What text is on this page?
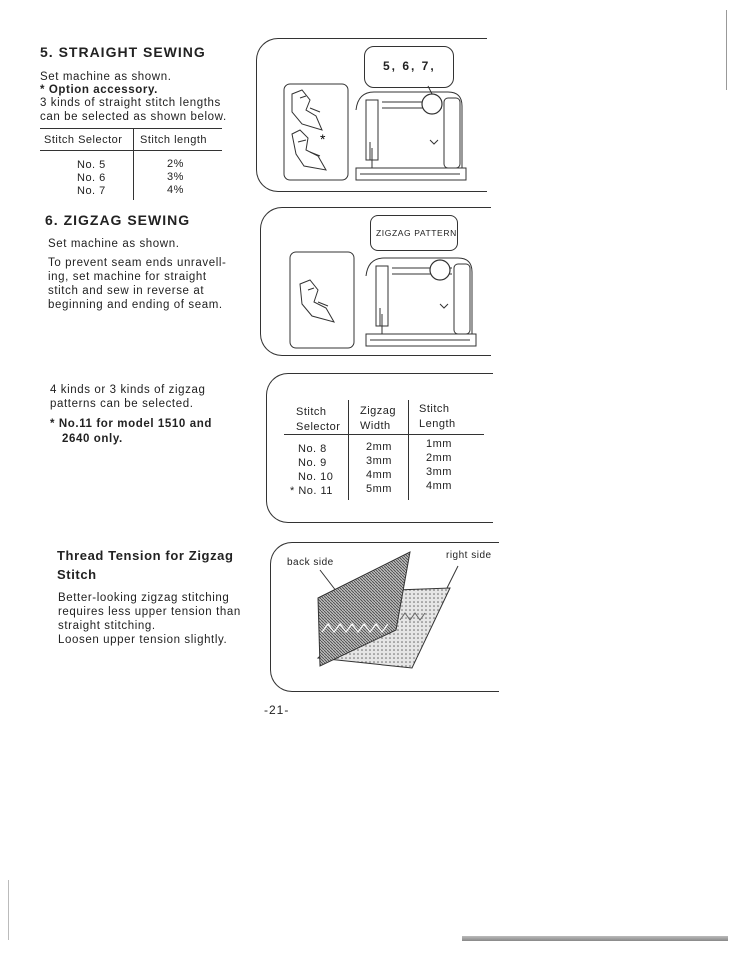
5. STRAIGHT SEWING
Set machine as shown.
* Option accessory.
3 kinds of straight stitch lengths
can be selected as shown below.
Stitch Selector Stitch length
No. 5
No. 6
No. 7
2%
3%
4%
5, 6, 7,
*
6. ZIGZAG SEWING
Set machine as shown.
To prevent seam ends unravell-
ing, set machine for straight
stitch and sew in reverse at
beginning and ending of seam.
ZIGZAG PATTERN
4 kinds or 3 kinds of zigzag
patterns can be selected.
* No.11 for model 1510 and
2640 only.
Stitch
Selector
Zigzag
Width
Stitch
Length
No. 8
No. 9
No. 10
* No. 11
2mm
3mm
4mm
5mm
1mm
2mm
3mm
4mm
Thread Tension for Zigzag
Stitch
Better-looking zigzag stitching
requires less upper tension than
straight stitching.
Loosen upper tension slightly.
back side
right side
-21-
